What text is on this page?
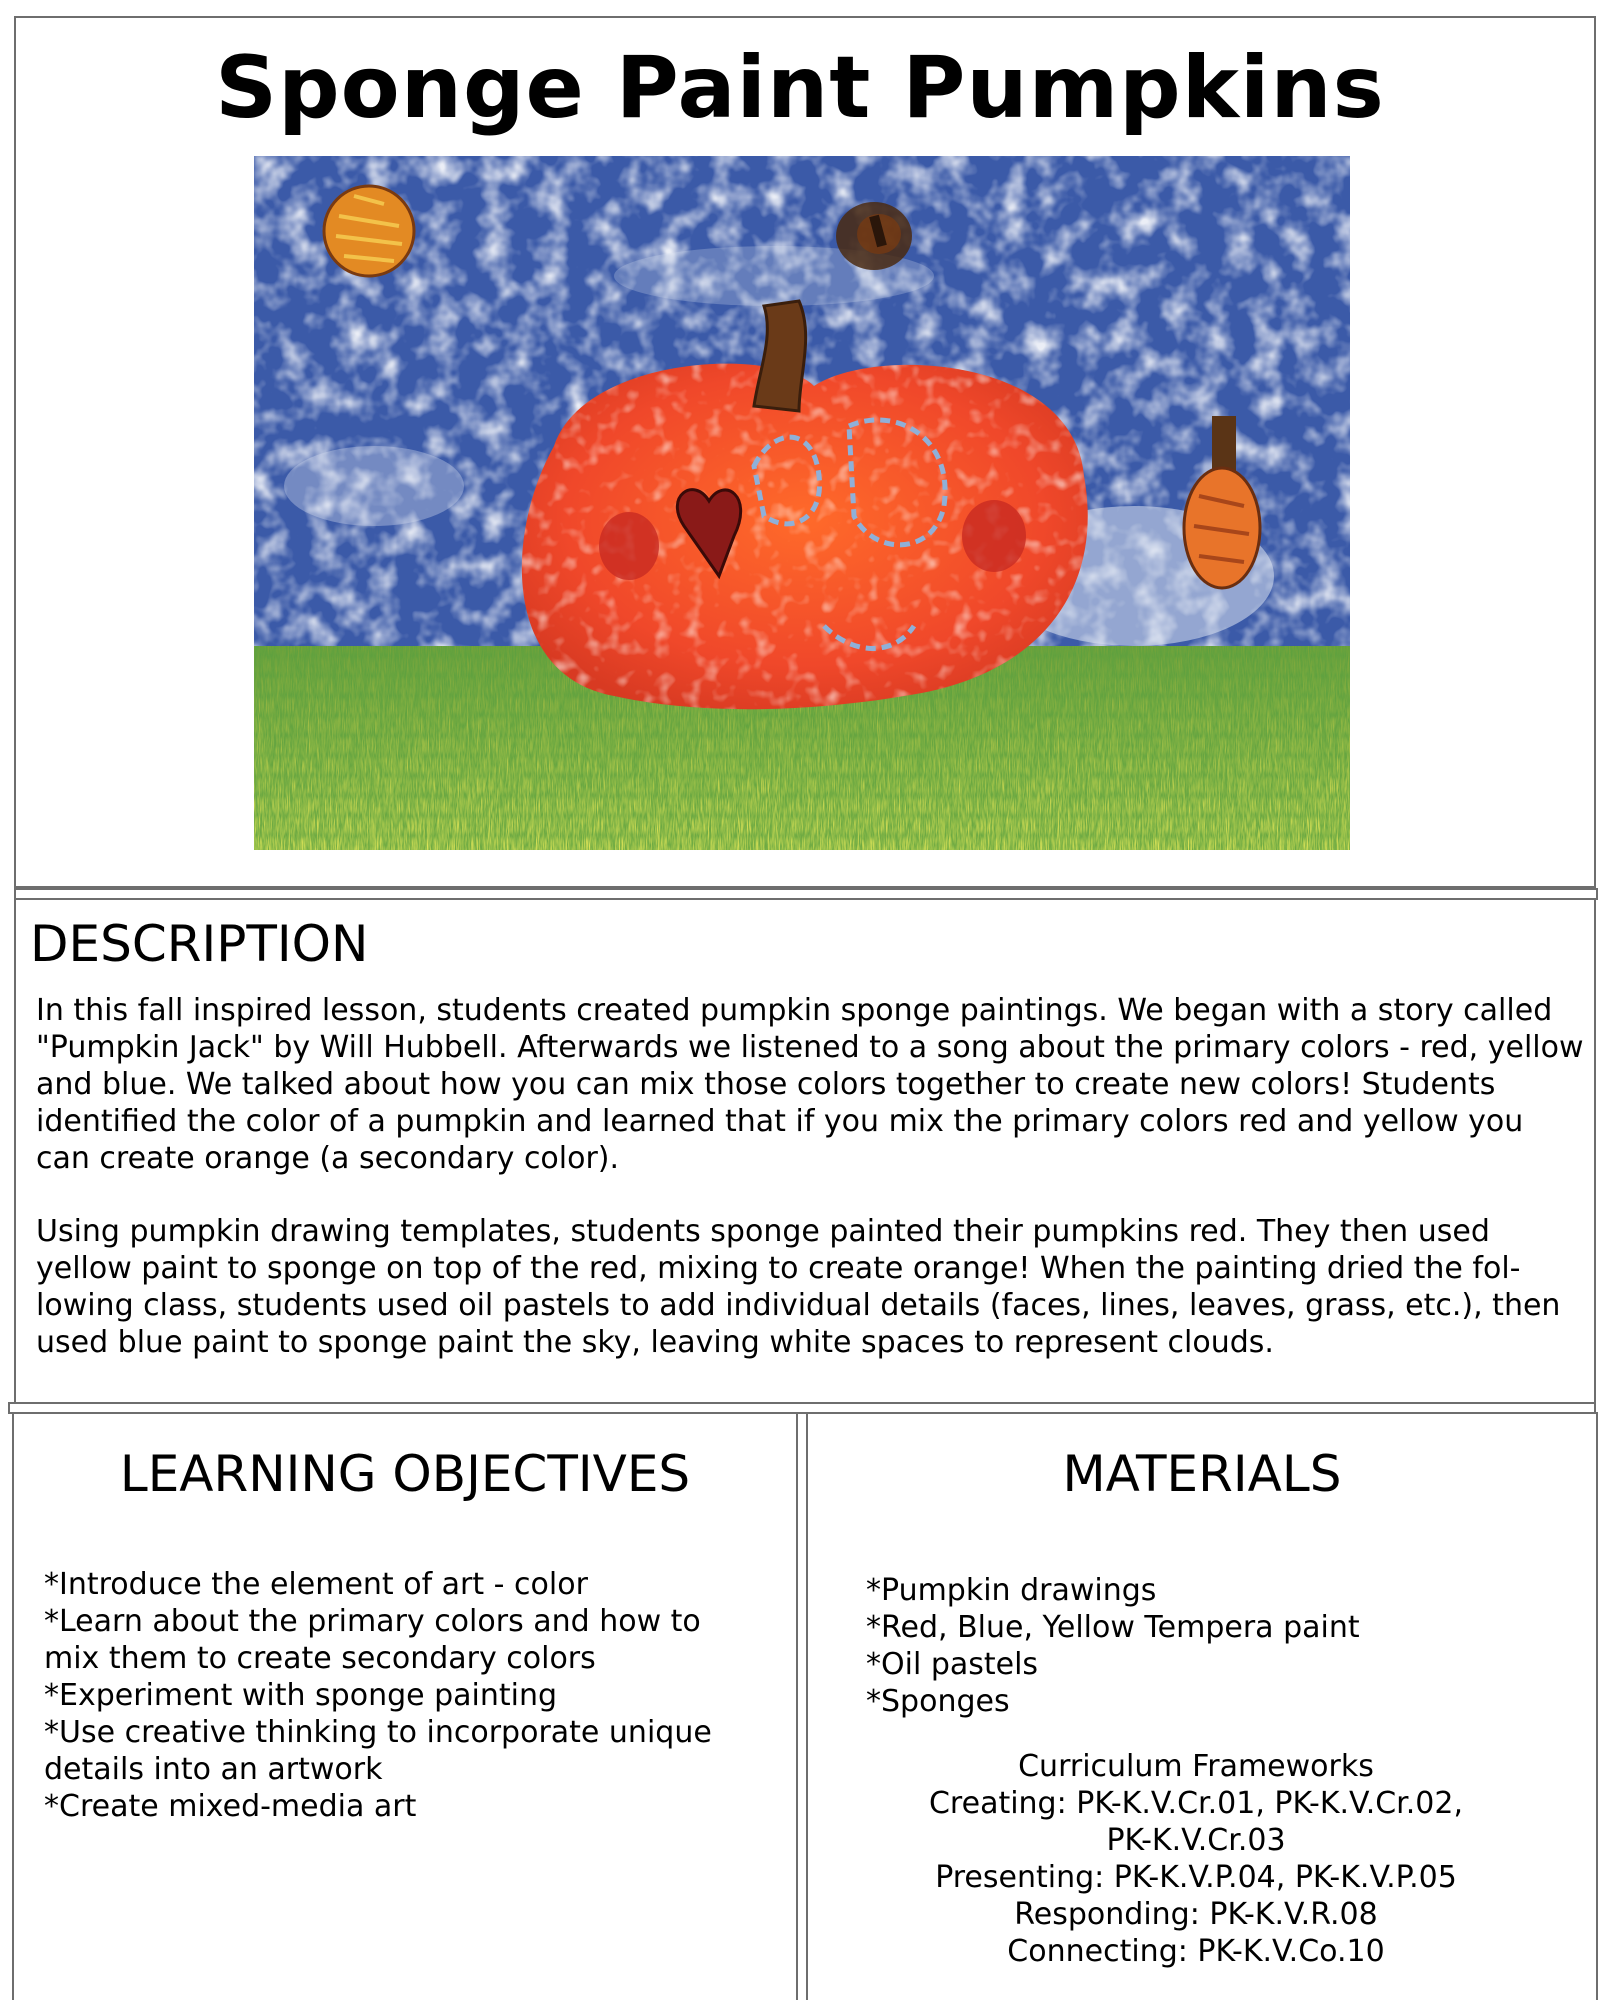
Sponge Paint Pumpkins
DESCRIPTION

In this fall inspired lesson, students created pumpkin sponge paintings. We began with a story called "Pumpkin Jack" by Will Hubbell. Afterwards we listened to a song about the primary colors - red, yellow and blue. We talked about how you can mix those colors together to create new colors! Students identified the color of a pumpkin and learned that if you mix the primary colors red and yellow you can create orange (a secondary color).

Using pumpkin drawing templates, students sponge painted their pumpkins red. They then used yellow paint to sponge on top of the red, mixing to create orange! When the painting dried the fol-lowing class, students used oil pastels to add individual details (faces, lines, leaves, grass, etc.), then used blue paint to sponge paint the sky, leaving white spaces to represent clouds.

LEARNING OBJECTIVES
*Introduce the element of art - color
*Learn about the primary colors and how to mix them to create secondary colors
*Experiment with sponge painting
*Use creative thinking to incorporate unique details into an artwork
*Create mixed-media art
MATERIALS
*Pumpkin drawings
*Red, Blue, Yellow Tempera paint
*Oil pastels
*Sponges
Curriculum Frameworks
Creating: PK-K.V.Cr.01, PK-K.V.Cr.02,
PK-K.V.Cr.03
Presenting: PK-K.V.P.04, PK-K.V.P.05
Responding: PK-K.V.R.08
Connecting: PK-K.V.Co.10
